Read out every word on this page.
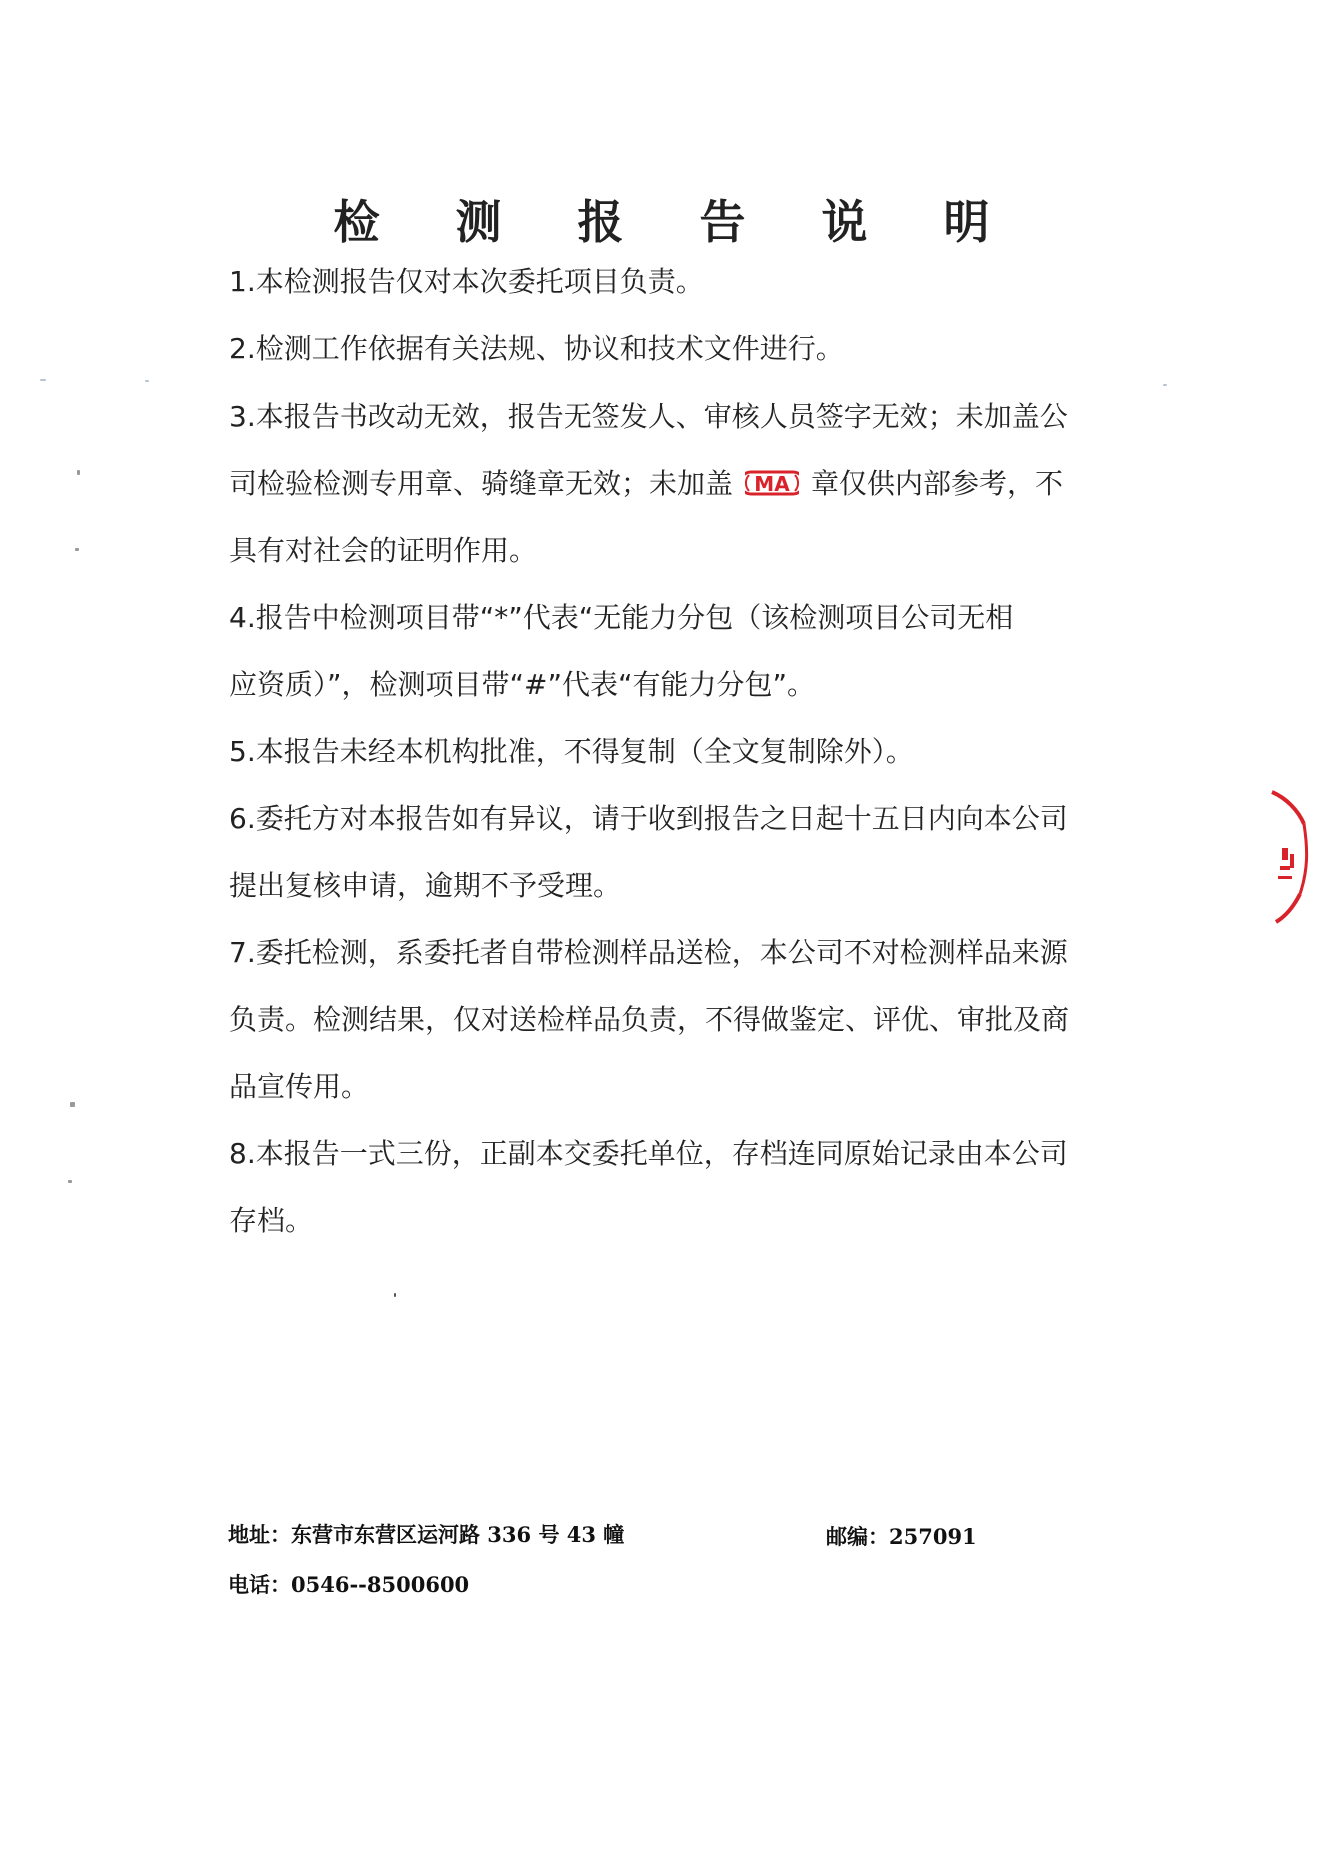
检 测 报 告 说 明
1.本检测报告仅对本次委托项目负责。
2.检测工作依据有关法规、协议和技术文件进行。
3.本报告书改动无效，报告无签发人、审核人员签字无效；未加盖公
司检验检测专用章、骑缝章无效；未加盖 MA 章仅供内部参考，不
具有对社会的证明作用。
4.报告中检测项目带“*”代表“无能力分包（该检测项目公司无相
应资质）”，检测项目带“#”代表“有能力分包”。
5.本报告未经本机构批准，不得复制（全文复制除外）。
6.委托方对本报告如有异议，请于收到报告之日起十五日内向本公司
提出复核申请，逾期不予受理。
7.委托检测，系委托者自带检测样品送检，本公司不对检测样品来源
负责。检测结果，仅对送检样品负责，不得做鉴定、评优、审批及商
品宣传用。
8.本报告一式三份，正副本交委托单位，存档连同原始记录由本公司
存档。
地址：东营市东营区运河路 336 号 43 幢	邮编：257091
电话：0546--8500600
